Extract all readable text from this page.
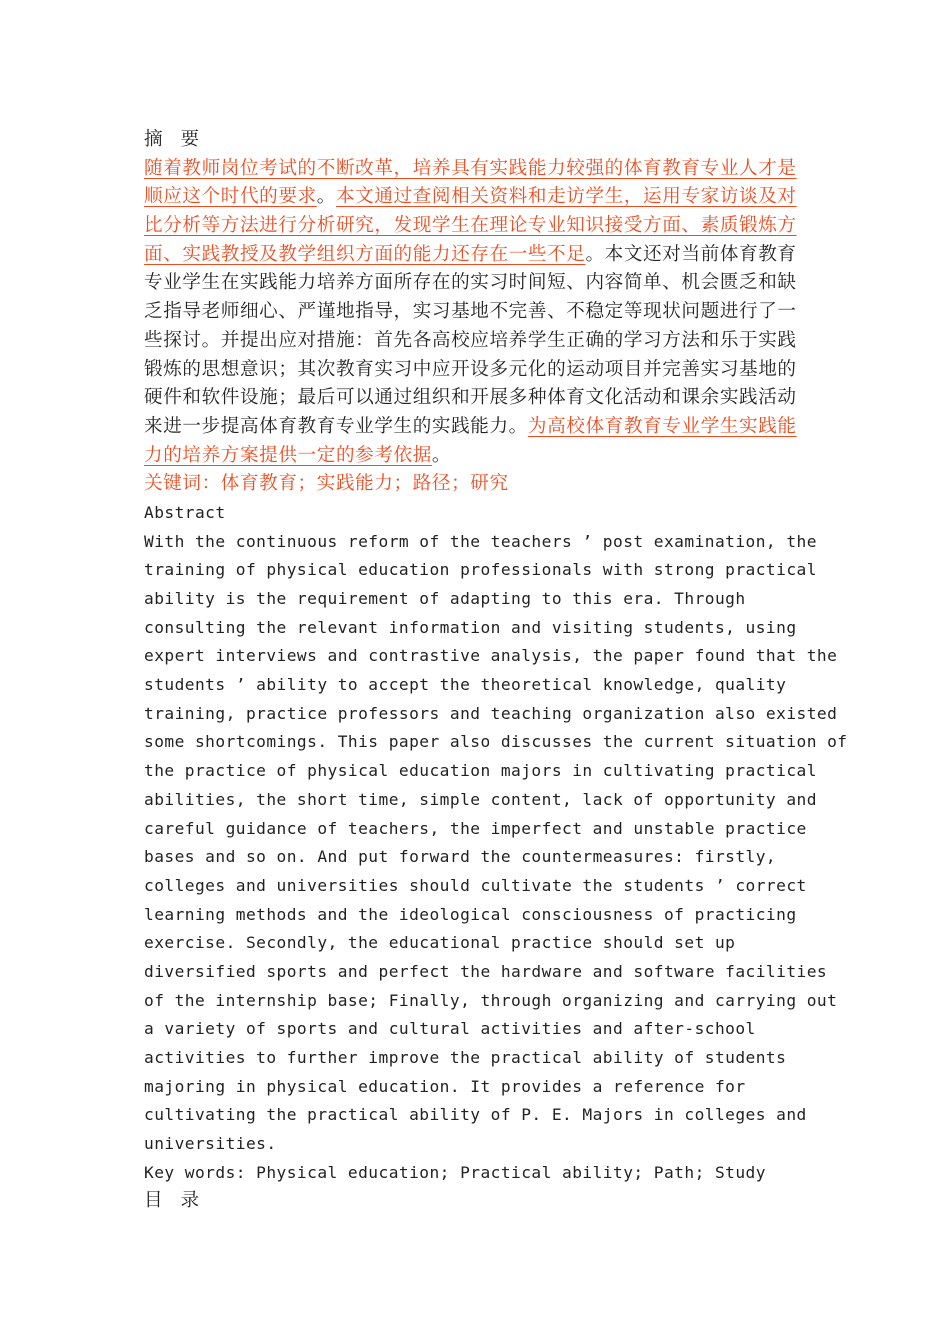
摘 要
随着教师岗位考试的不断改革，培养具有实践能力较强的体育教育专业人才是
顺应这个时代的要求。本文通过查阅相关资料和走访学生，运用专家访谈及对
比分析等方法进行分析研究，发现学生在理论专业知识接受方面、素质锻炼方
面、实践教授及教学组织方面的能力还存在一些不足。本文还对当前体育教育
专业学生在实践能力培养方面所存在的实习时间短、内容简单、机会匮乏和缺
乏指导老师细心、严谨地指导，实习基地不完善、不稳定等现状问题进行了一
些探讨。并提出应对措施：首先各高校应培养学生正确的学习方法和乐于实践
锻炼的思想意识；其次教育实习中应开设多元化的运动项目并完善实习基地的
硬件和软件设施；最后可以通过组织和开展多种体育文化活动和课余实践活动
来进一步提高体育教育专业学生的实践能力。为高校体育教育专业学生实践能
力的培养方案提供一定的参考依据。
关键词：体育教育；实践能力；路径；研究
Abstract
With the continuous reform of the teachers ’ post examination, the
training of physical education professionals with strong practical
ability is the requirement of adapting to this era. Through
consulting the relevant information and visiting students, using
expert interviews and contrastive analysis, the paper found that the
students ’ ability to accept the theoretical knowledge, quality
training, practice professors and teaching organization also existed
some shortcomings. This paper also discusses the current situation of
the practice of physical education majors in cultivating practical
abilities, the short time, simple content, lack of opportunity and
careful guidance of teachers, the imperfect and unstable practice
bases and so on. And put forward the countermeasures: firstly,
colleges and universities should cultivate the students ’ correct
learning methods and the ideological consciousness of practicing
exercise. Secondly, the educational practice should set up
diversified sports and perfect the hardware and software facilities
of the internship base; Finally, through organizing and carrying out
a variety of sports and cultural activities and after-school
activities to further improve the practical ability of students
majoring in physical education. It provides a reference for
cultivating the practical ability of P. E. Majors in colleges and
universities.
Key words: Physical education; Practical ability; Path; Study
目 录
